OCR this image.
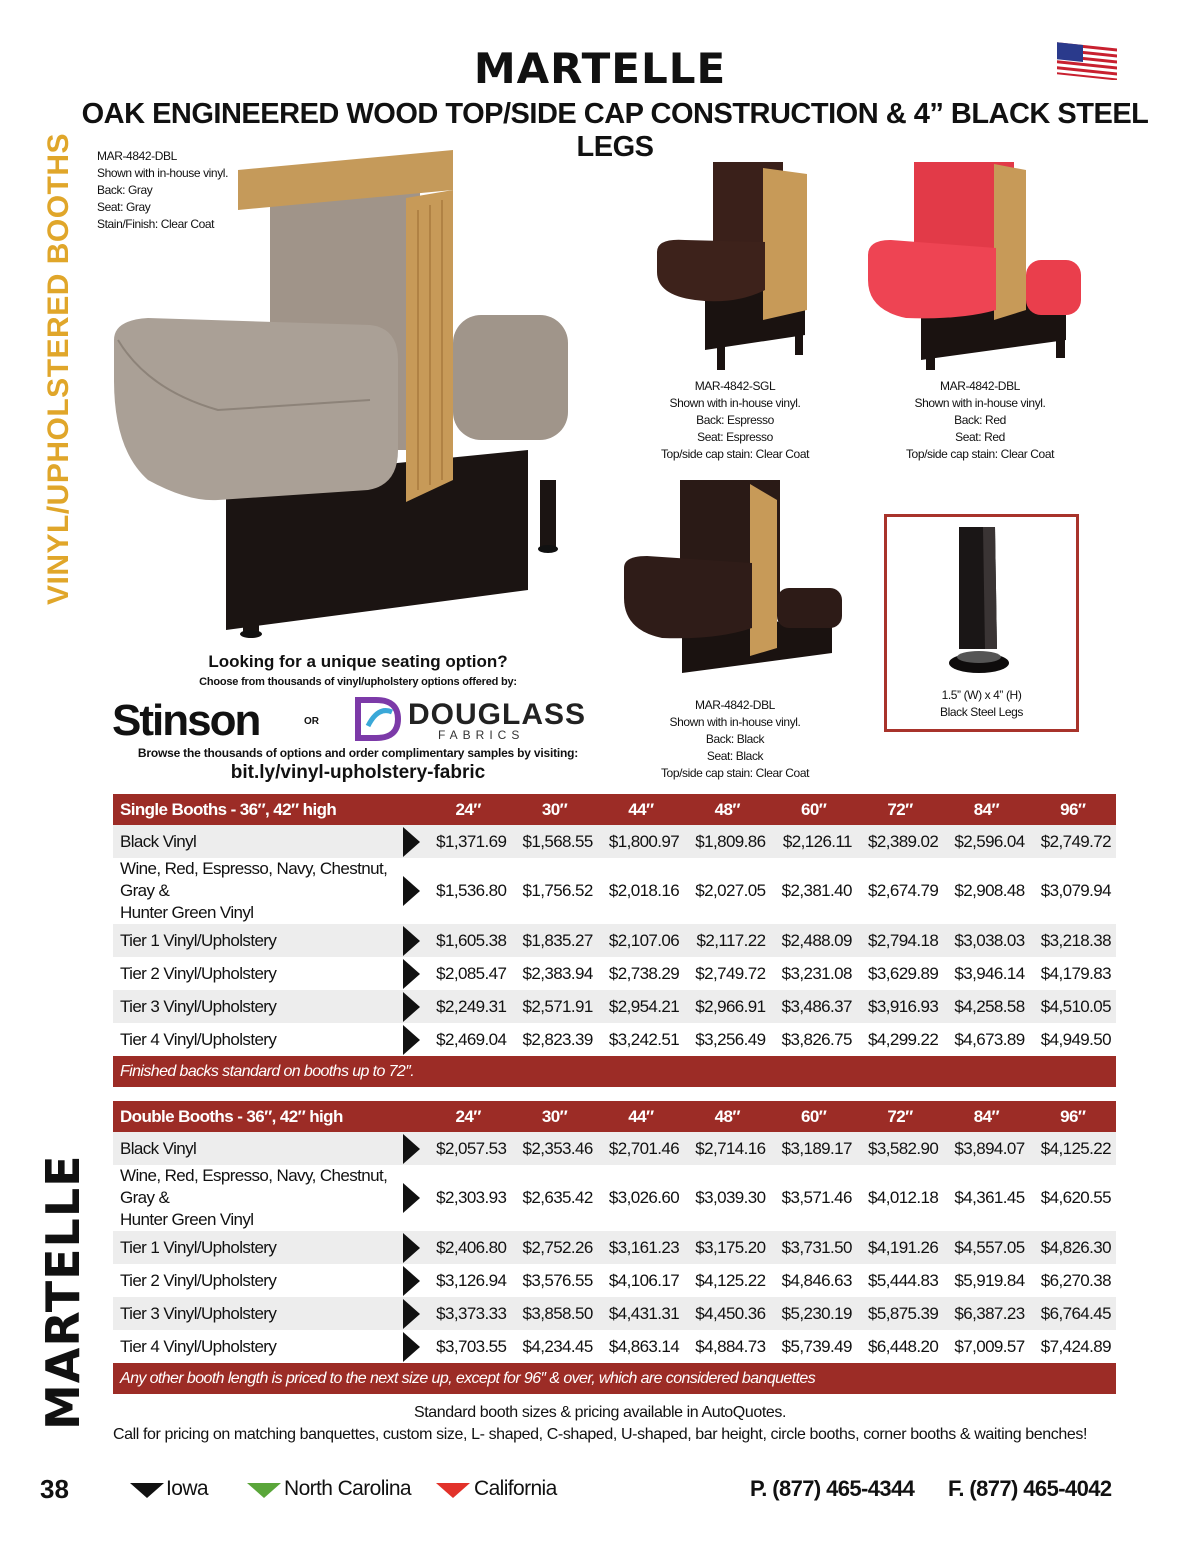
MARTELLE
OAK ENGINEERED WOOD TOP/SIDE CAP CONSTRUCTION & 4” BLACK STEEL LEGS
VINYL/UPHOLSTERED BOOTHS
MARTELLE
MAR-4842-DBL
Shown with in-house vinyl.
Back: Gray
Seat: Gray
Stain/Finish: Clear Coat
MAR-4842-SGL
Shown with in-house vinyl.
Back: Espresso
Seat: Espresso
Top/side cap stain: Clear Coat
MAR-4842-DBL
Shown with in-house vinyl.
Back: Red
Seat: Red
Top/side cap stain: Clear Coat
MAR-4842-DBL
Shown with in-house vinyl.
Back: Black
Seat: Black
Top/side cap stain: Clear Coat
1.5” (W) x 4” (H)
Black Steel Legs
Looking for a unique seating option?
Choose from thousands of vinyl/upholstery options offered by:
Stinson	OR	DOUGLASS
FABRICS
Browse the thousands of options and order complimentary samples by visiting:
bit.ly/vinyl-upholstery-fabric
Single Booths - 36″, 42″ high		24″	30″	44″	48″	60″	72″	84″	96″
Black Vinyl		$1,371.69	$1,568.55	$1,800.97	$1,809.86	$2,126.11	$2,389.02	$2,596.04	$2,749.72
Wine, Red, Espresso, Navy, Chestnut, Gray &
Hunter Green Vinyl		$1,536.80	$1,756.52	$2,018.16	$2,027.05	$2,381.40	$2,674.79	$2,908.48	$3,079.94
Tier 1 Vinyl/Upholstery		$1,605.38	$1,835.27	$2,107.06	$2,117.22	$2,488.09	$2,794.18	$3,038.03	$3,218.38
Tier 2 Vinyl/Upholstery		$2,085.47	$2,383.94	$2,738.29	$2,749.72	$3,231.08	$3,629.89	$3,946.14	$4,179.83
Tier 3 Vinyl/Upholstery		$2,249.31	$2,571.91	$2,954.21	$2,966.91	$3,486.37	$3,916.93	$4,258.58	$4,510.05
Tier 4 Vinyl/Upholstery		$2,469.04	$2,823.39	$3,242.51	$3,256.49	$3,826.75	$4,299.22	$4,673.89	$4,949.50
Finished backs standard on booths up to 72″.									
Double Booths - 36″, 42″ high		24″	30″	44″	48″	60″	72″	84″	96″
Black Vinyl		$2,057.53	$2,353.46	$2,701.46	$2,714.16	$3,189.17	$3,582.90	$3,894.07	$4,125.22
Wine, Red, Espresso, Navy, Chestnut, Gray &
Hunter Green Vinyl		$2,303.93	$2,635.42	$3,026.60	$3,039.30	$3,571.46	$4,012.18	$4,361.45	$4,620.55
Tier 1 Vinyl/Upholstery		$2,406.80	$2,752.26	$3,161.23	$3,175.20	$3,731.50	$4,191.26	$4,557.05	$4,826.30
Tier 2 Vinyl/Upholstery		$3,126.94	$3,576.55	$4,106.17	$4,125.22	$4,846.63	$5,444.83	$5,919.84	$6,270.38
Tier 3 Vinyl/Upholstery		$3,373.33	$3,858.50	$4,431.31	$4,450.36	$5,230.19	$5,875.39	$6,387.23	$6,764.45
Tier 4 Vinyl/Upholstery		$3,703.55	$4,234.45	$4,863.14	$4,884.73	$5,739.49	$6,448.20	$7,009.57	$7,424.89
Any other booth length is priced to the next size up, except for 96″ & over, which are considered banquettes									
Standard booth sizes & pricing available in AutoQuotes.
Call for pricing on matching banquettes, custom size, L- shaped, C-shaped, U-shaped, bar height, circle booths, corner booths & waiting benches!
38	Iowa	North Carolina	California	P. (877) 465-4344 F. (877) 465-4042
